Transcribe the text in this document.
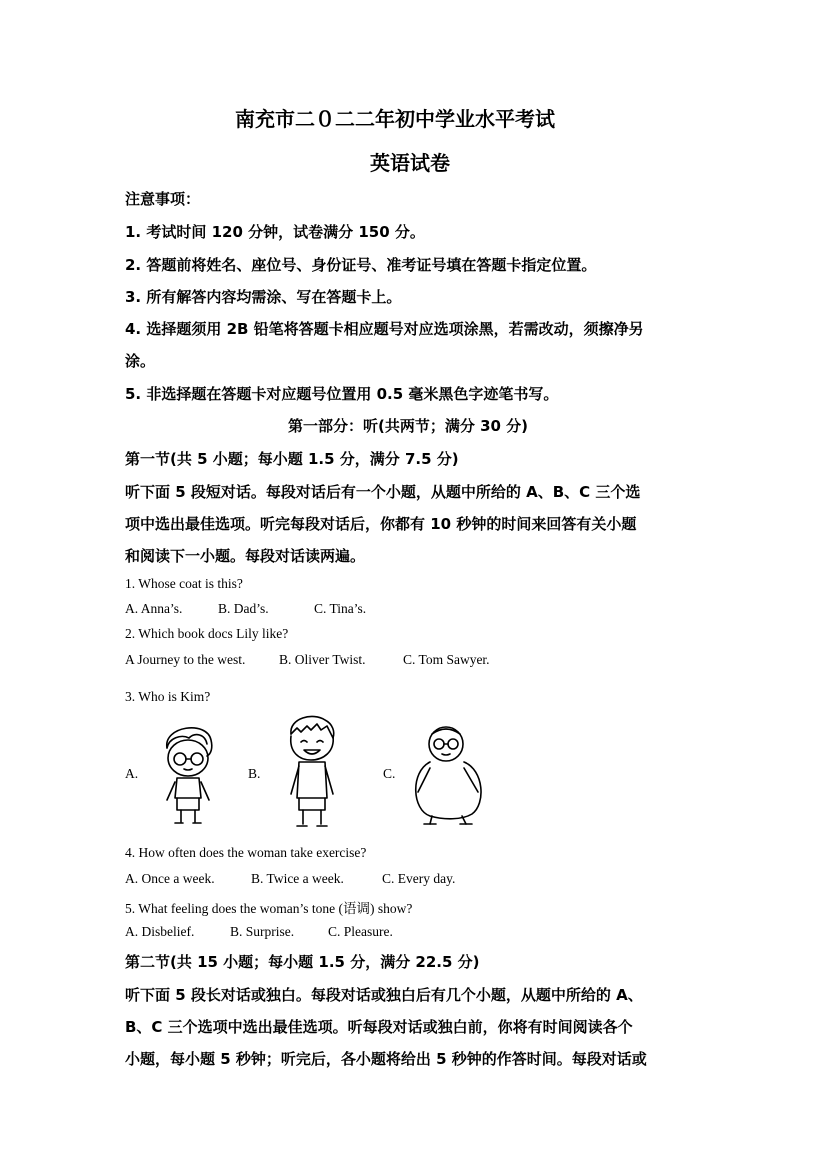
南充市二０二二年初中学业水平考试
英语试卷
注意事项：
1. 考试时间 120 分钟，试卷满分 150 分。
2. 答题前将姓名、座位号、身份证号、准考证号填在答题卡指定位置。
3. 所有解答内容均需涂、写在答题卡上。
4. 选择题须用 2B 铅笔将答题卡相应题号对应选项涂黑，若需改动，须擦净另
涂。
5. 非选择题在答题卡对应题号位置用 0.5 毫米黑色字迹笔书写。
第一部分：听(共两节；满分 30 分)
第一节(共 5 小题；每小题 1.5 分，满分 7.5 分)
听下面 5 段短对话。每段对话后有一个小题，从题中所给的 A、B、C 三个选
项中选出最佳选项。听完每段对话后，你都有 10 秒钟的时间来回答有关小题
和阅读下一小题。每段对话读两遍。
1. Whose coat is this?
A. Anna’s.	B. Dad’s.	C. Tina’s.
2. Which book docs Lily like?
A Journey to the west. B. Oliver Twist.	C. Tom Sawyer.
3. Who is Kim?
A.	B.	C.
4. How often does the woman take exercise?
A. Once a week.	B. Twice a week.	C. Every day.
5. What feeling does the woman’s tone (语调) show?
A. Disbelief.	B. Surprise.	C. Pleasure.
第二节(共 15 小题；每小题 1.5 分，满分 22.5 分)
听下面 5 段长对话或独白。每段对话或独白后有几个小题，从题中所给的 A、
B、C 三个选项中选出最佳选项。听每段对话或独白前，你将有时间阅读各个
小题，每小题 5 秒钟；听完后，各小题将给出 5 秒钟的作答时间。每段对话或
